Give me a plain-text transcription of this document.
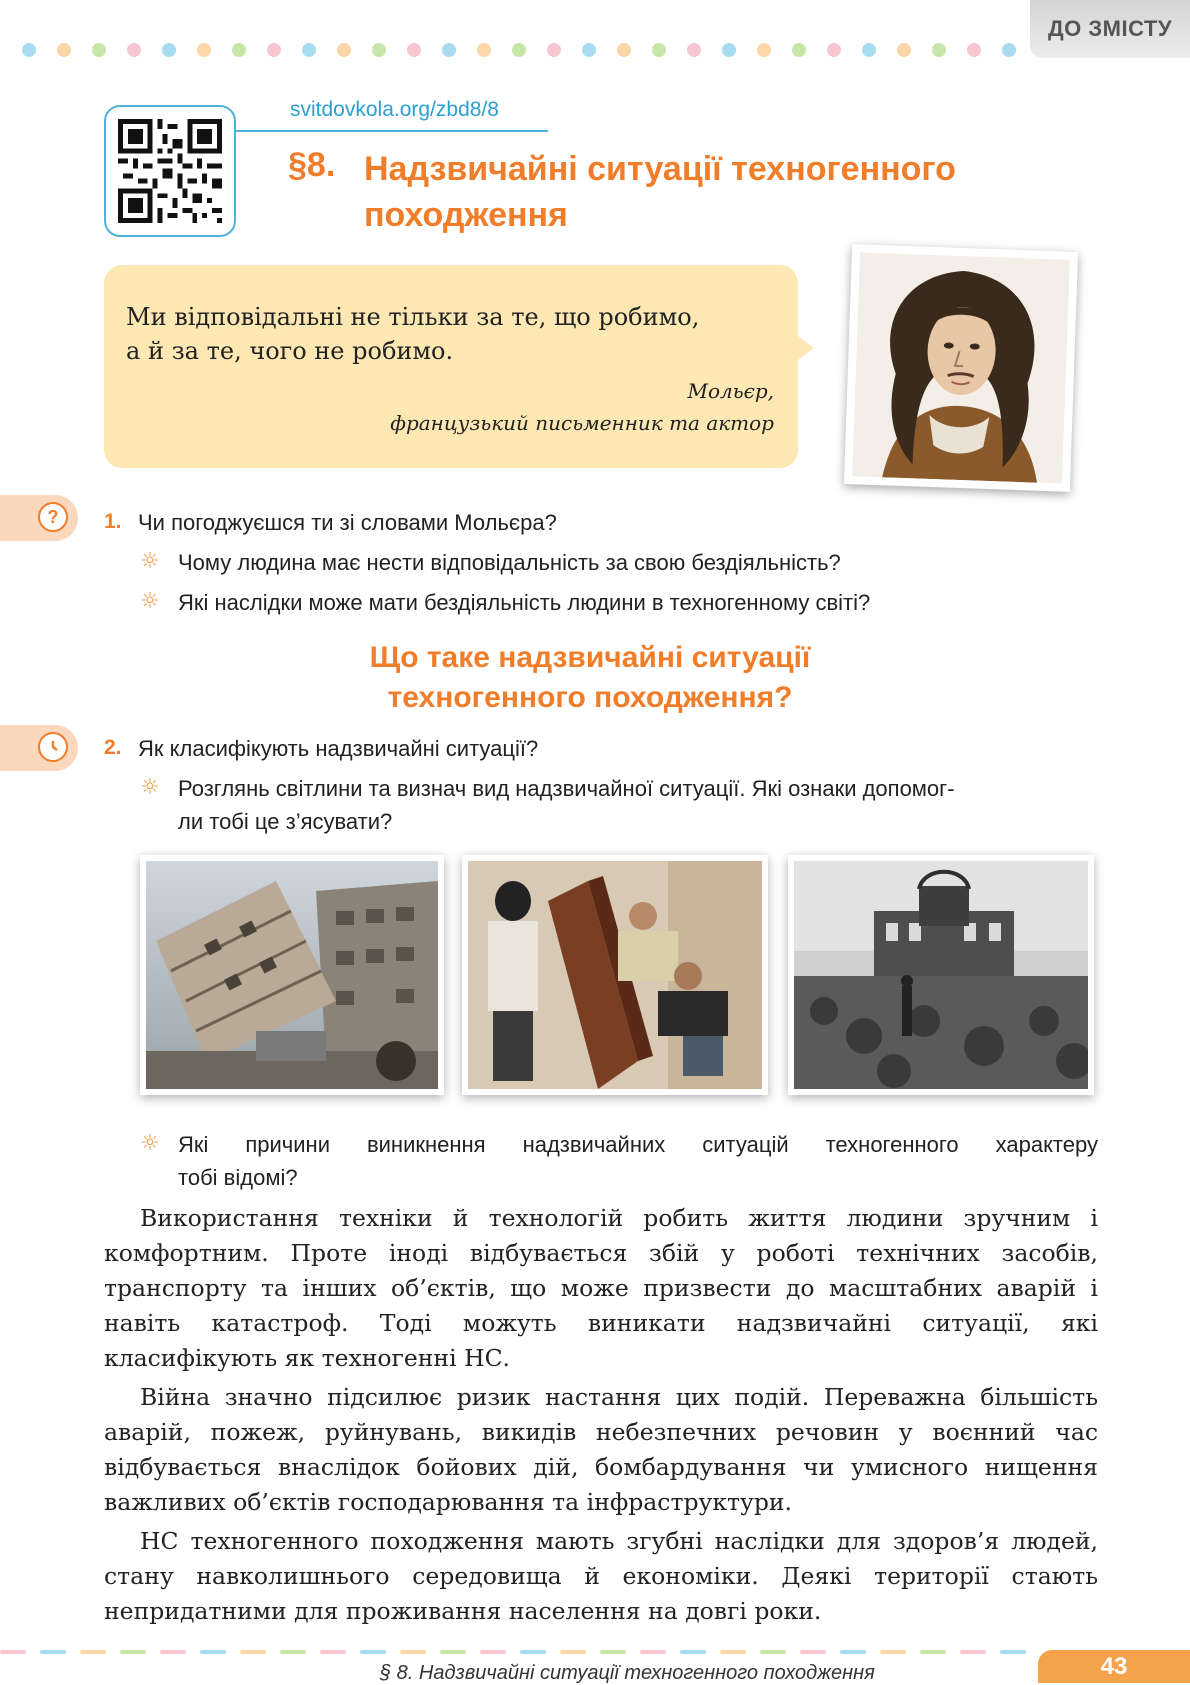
ДО ЗМІСТУ
svitdovkola.org/zbd8/8
§8. Надзвичайні ситуації техногенного походження
Ми відповідальні не тільки за те, що робимо,
а й за те, чого не робимо.
Мольєр,
французький письменник та актор
?	1. Чи погоджуєшся ти зі словами Мольєра?
☼ Чому людина має нести відповідальність за свою бездіяльність?
☼ Які наслідки може мати бездіяльність людини в техногенному світі?
Що таке надзвичайні ситуації
техногенного походження?
2. Як класифікують надзвичайні ситуації?
☼ Розглянь світлини та визнач вид надзвичайної ситуації. Які ознаки допомог-
ли тобі це з’ясувати?
☼ Які причини виникнення надзвичайних ситуацій техногенного характеру
тобі відомі?

Використання техніки й технологій робить життя людини зручним і комфортним. Проте іноді відбувається збій у роботі технічних засобів, транспорту та інших об’єктів, що може призвести до масштабних аварій і навіть катастроф. Тоді можуть виникати надзвичайні ситуації, які класифікують як техногенні НС.

Війна значно підсилює ризик настання цих подій. Переважна більшість аварій, пожеж, руйнувань, викидів небезпечних речовин у воєнний час відбувається внаслідок бойових дій, бомбардування чи умисного нищення важливих об’єктів господарювання та інфраструктури.

НС техногенного походження мають згубні наслідки для здоров’я людей, стану навколишнього середовища й економіки. Деякі території стають непридатними для проживання населення на довгі роки.

§ 8. Надзвичайні ситуації техногенного походження	43
